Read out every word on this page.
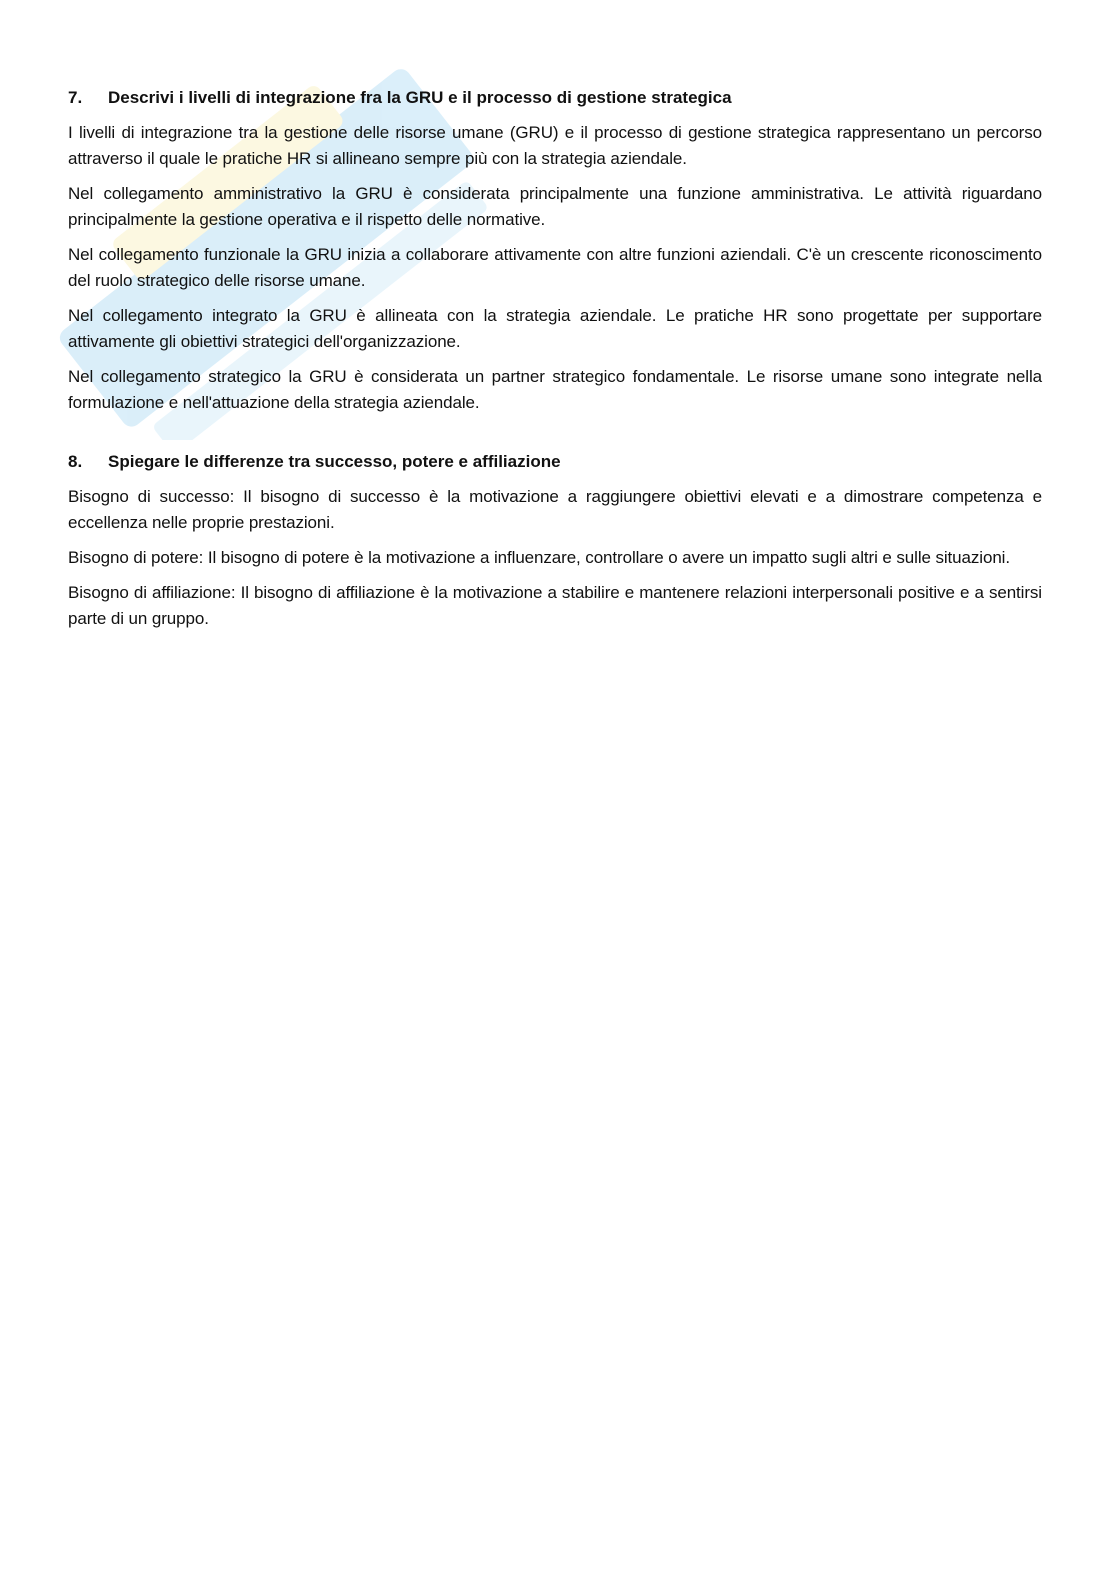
7.	Descrivi i livelli di integrazione fra la GRU e il processo di gestione strategica

I livelli di integrazione tra la gestione delle risorse umane (GRU) e il processo di gestione strategica rappresentano un percorso attraverso il quale le pratiche HR si allineano sempre più con la strategia aziendale.

Nel collegamento amministrativo la GRU è considerata principalmente una funzione amministrativa. Le attività riguardano principalmente la gestione operativa e il rispetto delle normative.

Nel collegamento funzionale la GRU inizia a collaborare attivamente con altre funzioni aziendali. C'è un crescente riconoscimento del ruolo strategico delle risorse umane.

Nel collegamento integrato la GRU è allineata con la strategia aziendale. Le pratiche HR sono progettate per supportare attivamente gli obiettivi strategici dell'organizzazione.

Nel collegamento strategico la GRU è considerata un partner strategico fondamentale. Le risorse umane sono integrate nella formulazione e nell'attuazione della strategia aziendale.

8.	Spiegare le differenze tra successo, potere e affiliazione

Bisogno di successo: Il bisogno di successo è la motivazione a raggiungere obiettivi elevati e a dimostrare competenza e eccellenza nelle proprie prestazioni.

Bisogno di potere: Il bisogno di potere è la motivazione a influenzare, controllare o avere un impatto sugli altri e sulle situazioni.

Bisogno di affiliazione: Il bisogno di affiliazione è la motivazione a stabilire e mantenere relazioni interpersonali positive e a sentirsi parte di un gruppo.
